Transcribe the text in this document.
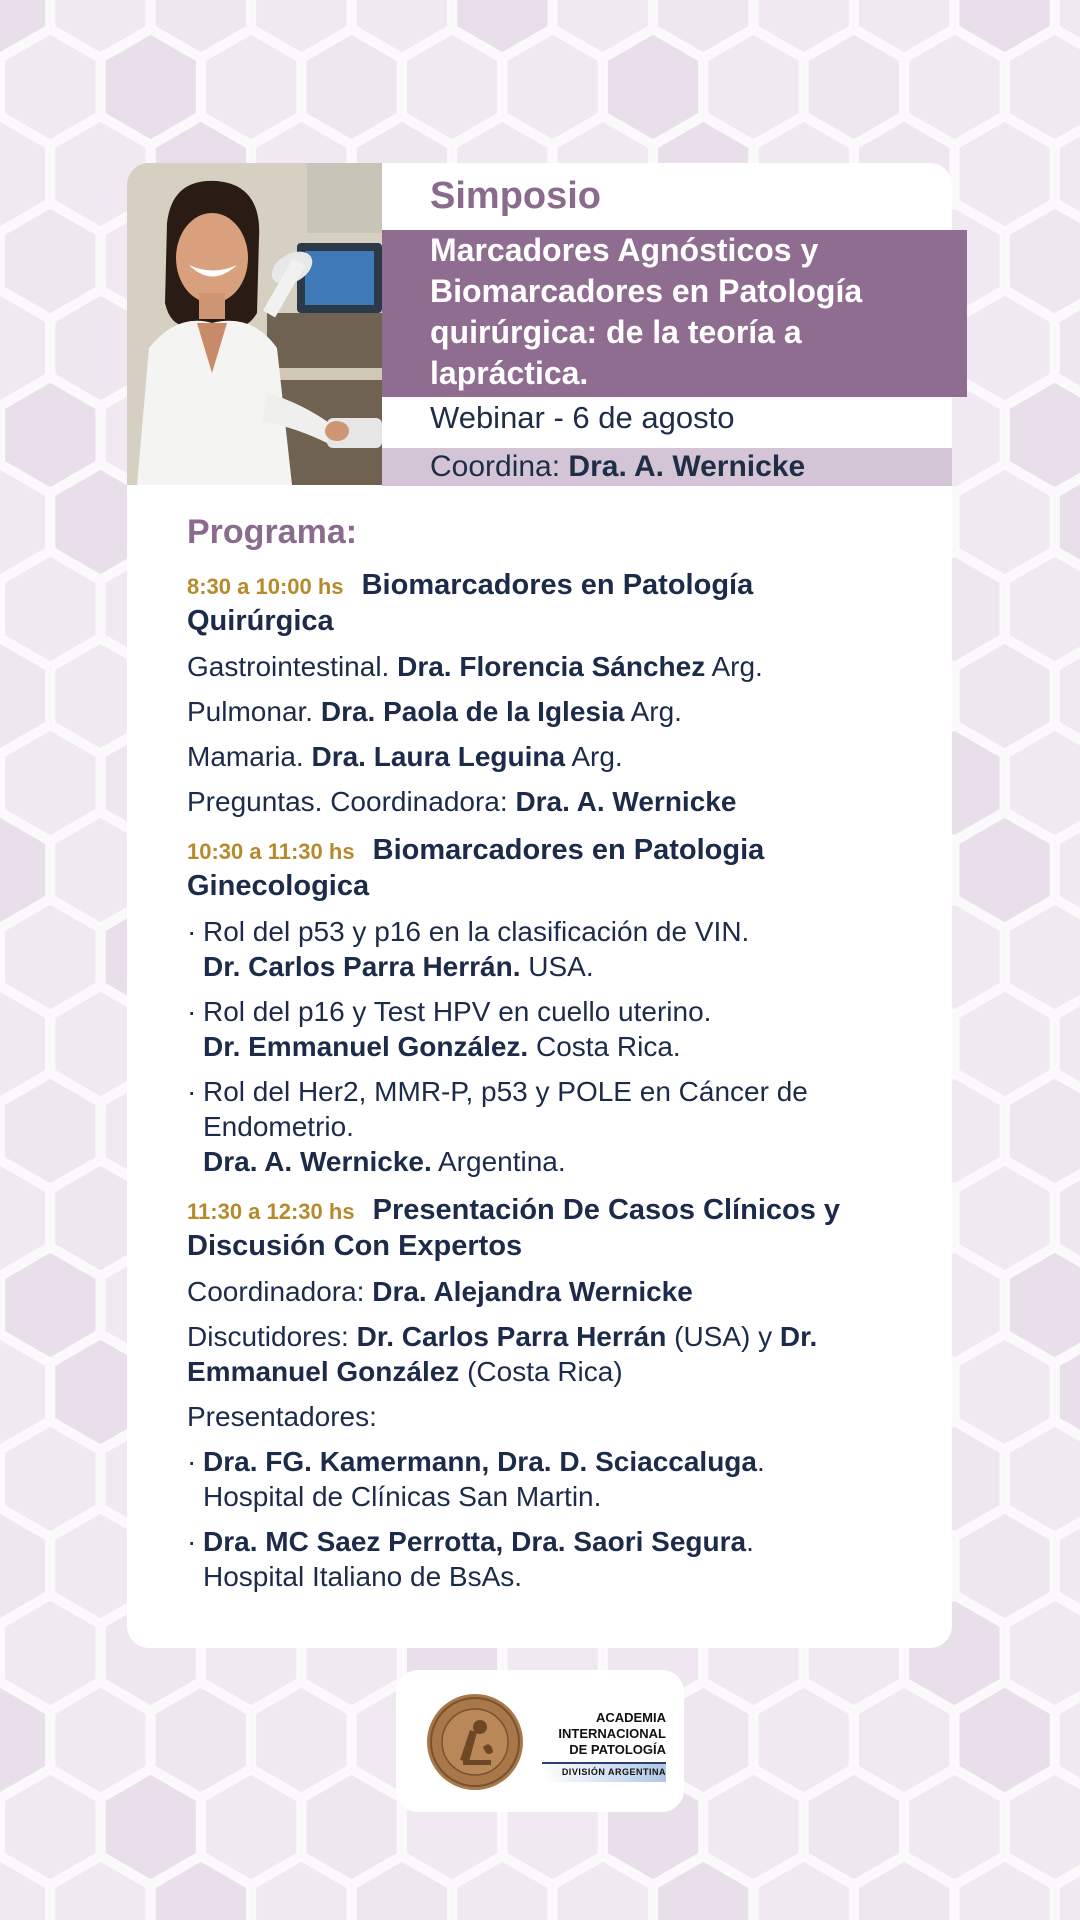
Simposio
Marcadores Agnósticos y Biomarcadores en Patología quirúrgica: de la teoría a lapráctica.
Webinar - 6 de agosto
Coordina: Dra. A. Wernicke
Programa:
8:30 a 10:00 hs Biomarcadores en Patología Quirúrgica
Gastrointestinal. Dra. Florencia Sánchez Arg.
Pulmonar. Dra. Paola de la Iglesia Arg.
Mamaria. Dra. Laura Leguina Arg.
Preguntas. Coordinadora: Dra. A. Wernicke
10:30 a 11:30 hs Biomarcadores en Patologia Ginecologica
· Rol del p53 y p16 en la clasificación de VIN.
Dr. Carlos Parra Herrán. USA.
· Rol del p16 y Test HPV en cuello uterino.
Dr. Emmanuel González. Costa Rica.
· Rol del Her2, MMR-P, p53 y POLE en Cáncer de Endometrio.
Dra. A. Wernicke. Argentina.
11:30 a 12:30 hs Presentación De Casos Clínicos y Discusión Con Expertos
Coordinadora: Dra. Alejandra Wernicke
Discutidores: Dr. Carlos Parra Herrán (USA) y Dr. Emmanuel González (Costa Rica)
Presentadores:
· Dra. FG. Kamermann, Dra. D. Sciaccaluga.
Hospital de Clínicas San Martin.
· Dra. MC Saez Perrotta, Dra. Saori Segura.
Hospital Italiano de BsAs.
ACADEMIA
INTERNACIONAL
DE PATOLOGÍA
DIVISIÓN ARGENTINA
